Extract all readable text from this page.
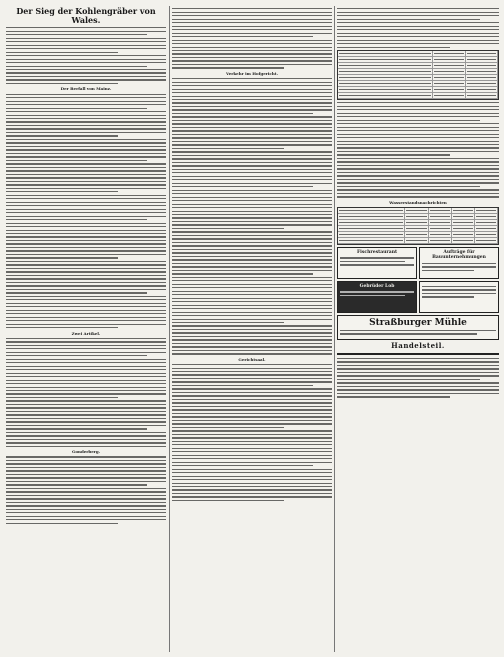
Der Sieg der Kohlengräber von Wales.
Der Berfall von Mainz.
Zwei Artikel.
Gonderberg.
Verkehr im Hofgericht.
Gerichtsaal.
Wasserstandsnachrichten
Fischrestaurant	Aufträge für Bauunternehmungen
Gebrüder Lob
Straßburger Mühle
Handelsteil.
